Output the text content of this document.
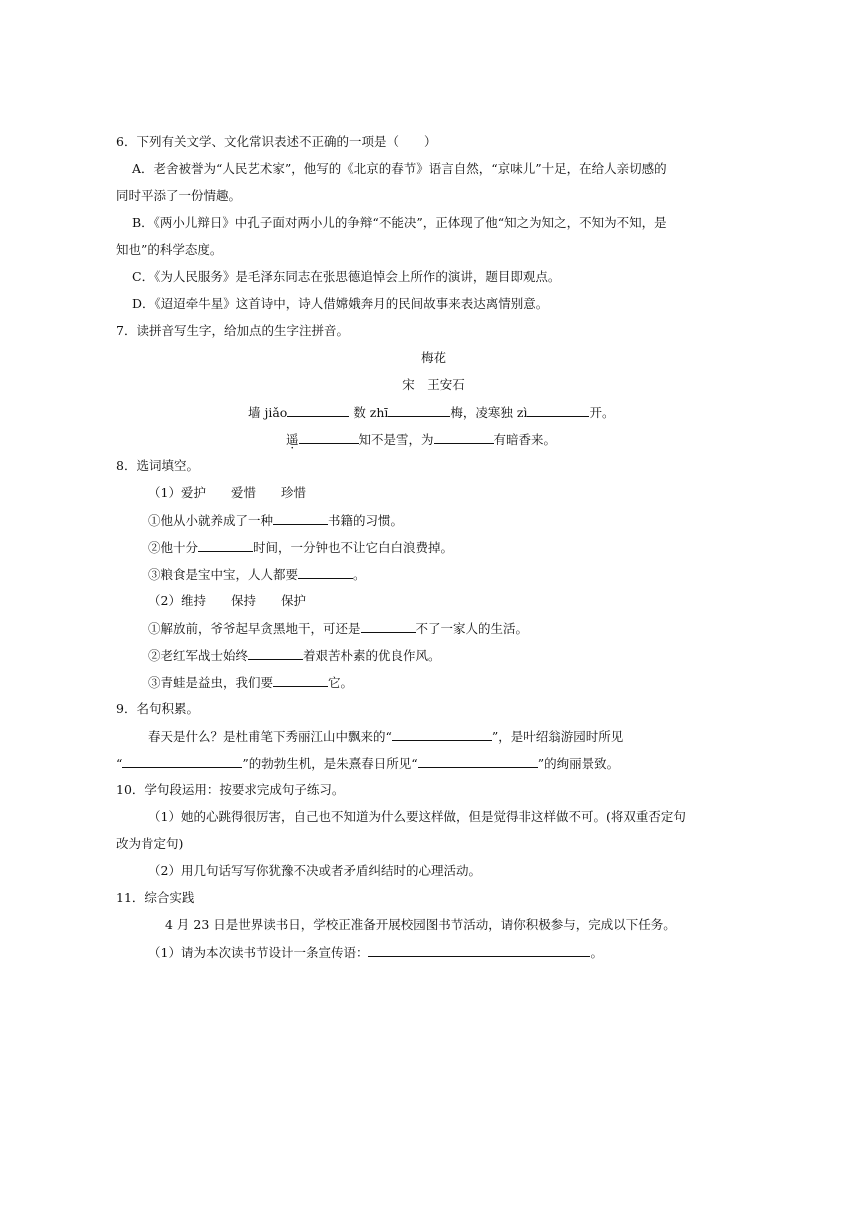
6．下列有关文学、文化常识表述不正确的一项是（　　）
A．老舍被誉为“人民艺术家”，他写的《北京的春节》语言自然，“京味儿”十足，在给人亲切感的
同时平添了一份情趣。
B．《两小儿辩日》中孔子面对两小儿的争辩“不能决”，正体现了他“知之为知之，不知为不知，是
知也”的科学态度。
C．《为人民服务》是毛泽东同志在张思德追悼会上所作的演讲，题目即观点。
D．《迢迢牵牛星》这首诗中，诗人借嫦娥奔月的民间故事来表达离情别意。
7．读拼音写生字，给加点的生字注拼音。
梅花
宋　王安石
墙 jiǎo	数 zhī	梅，凌寒独 zì	开。
遥	知不是雪，为	有暗香来。
8．选词填空。
（1）爱护　　爱惜　　珍惜
①他从小就养成了一种	书籍的习惯。
②他十分	时间，一分钟也不让它白白浪费掉。
③粮食是宝中宝，人人都要	。
（2）维持　　保持　　保护
①解放前，爷爷起早贪黑地干，可还是	不了一家人的生活。
②老红军战士始终	着艰苦朴素的优良作风。
③青蛙是益虫，我们要	它。
9．名句积累。
春天是什么？是杜甫笔下秀丽江山中飘来的“	”，是叶绍翁游园时所见
“	”的勃勃生机，是朱熹春日所见“	”的绚丽景致。
10．学句段运用：按要求完成句子练习。
（1）她的心跳得很厉害，自己也不知道为什么要这样做，但是觉得非这样做不可。(将双重否定句
改为肯定句)
（2）用几句话写写你犹豫不决或者矛盾纠结时的心理活动。
11．综合实践
4 月 23 日是世界读书日，学校正准备开展校园图书节活动，请你积极参与，完成以下任务。
（1）请为本次读书节设计一条宣传语：	。
